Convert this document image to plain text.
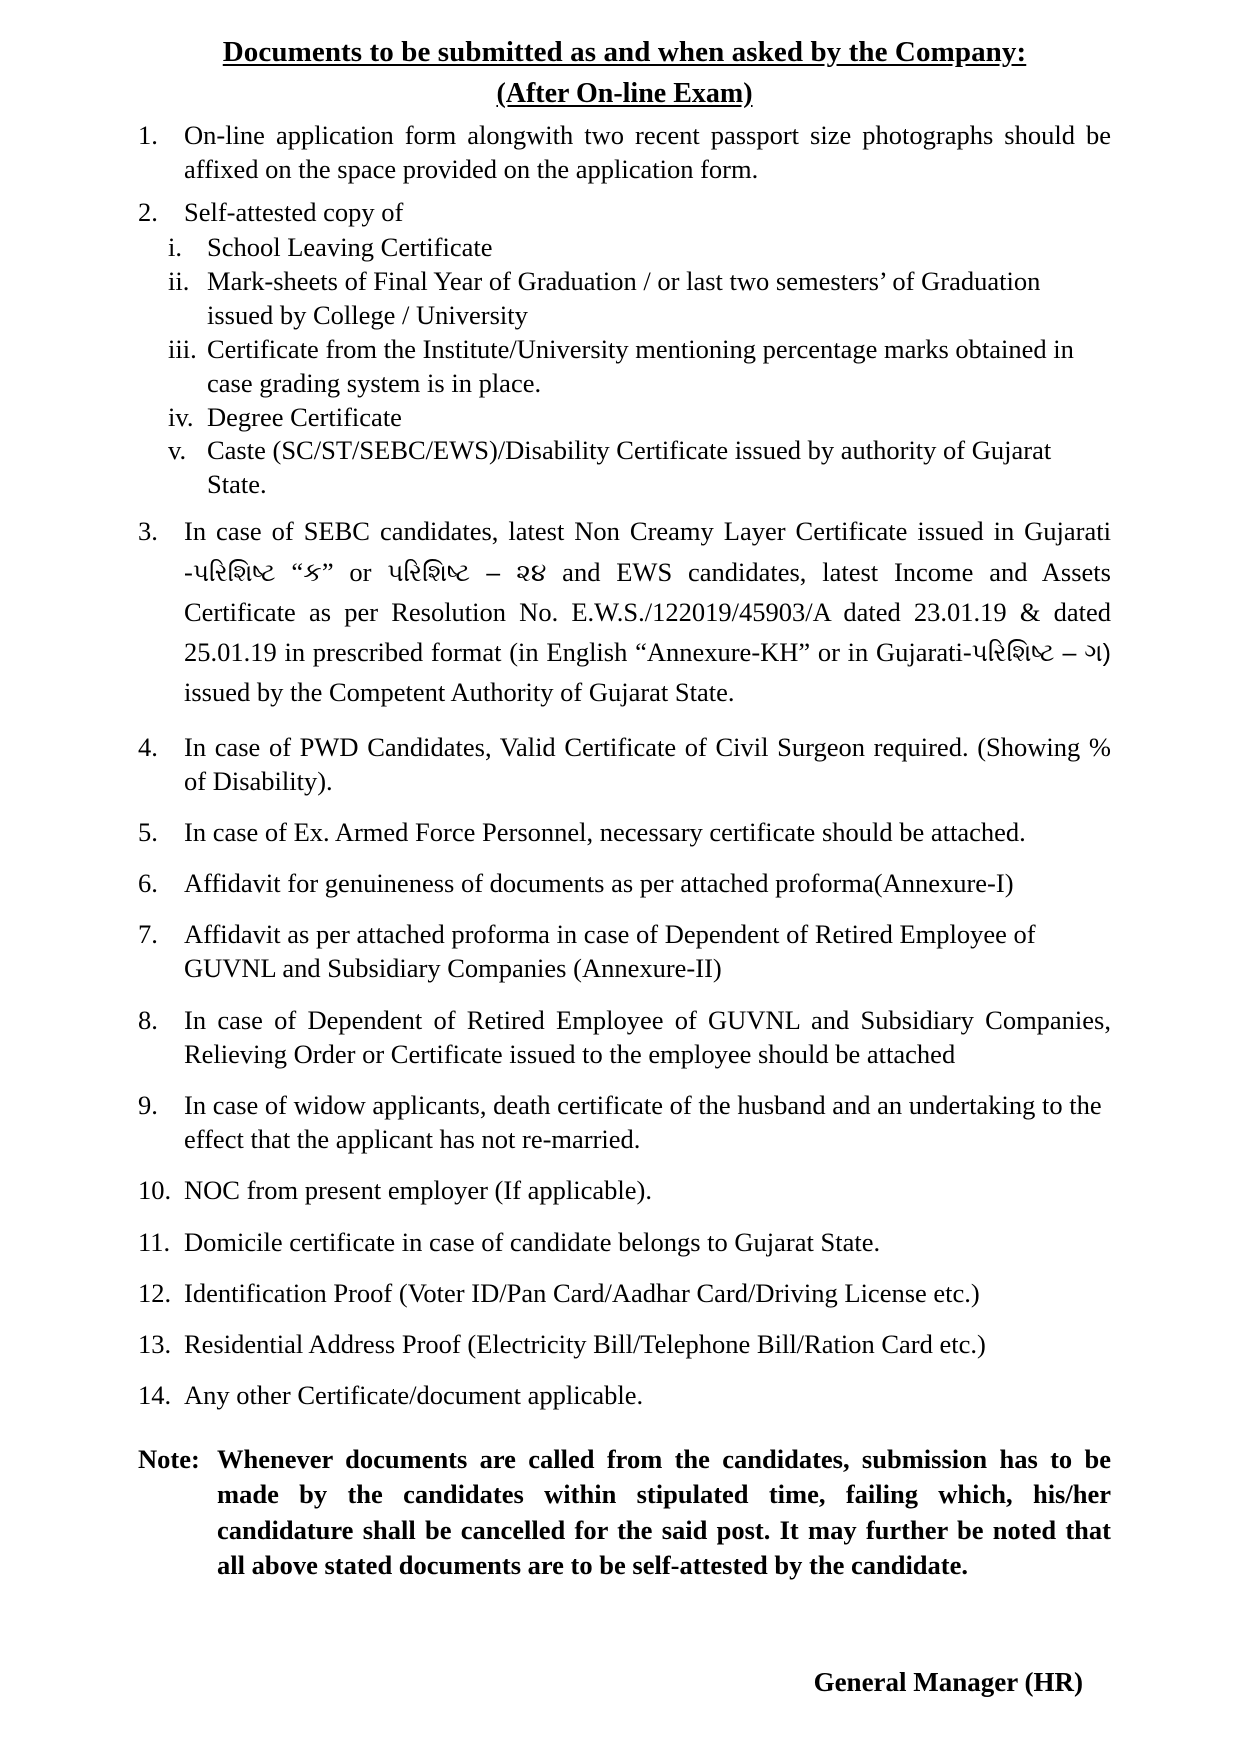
Documents to be submitted as and when asked by the Company:
(After On-line Exam)
1. On-line application form alongwith two recent passport size photographs should be affixed on the space provided on the application form.
2. Self-attested copy of
i. School Leaving Certificate
ii. Mark-sheets of Final Year of Graduation / or last two semesters’ of Graduation issued by College / University
iii. Certificate from the Institute/University mentioning percentage marks obtained in case grading system is in place.
iv. Degree Certificate
v. Caste (SC/ST/SEBC/EWS)/Disability Certificate issued by authority of Gujarat State.
3. In case of SEBC candidates, latest Non Creamy Layer Certificate issued in Gujarati -પરિશિષ્ટ “ક” or પરિશિષ્ટ – ૨૪ and EWS candidates, latest Income and Assets Certificate as per Resolution No. E.W.S./122019/45903/A dated 23.01.19 & dated 25.01.19 in prescribed format (in English “Annexure-KH” or in Gujarati-પરિશિષ્ટ – ગ) issued by the Competent Authority of Gujarat State.
4. In case of PWD Candidates, Valid Certificate of Civil Surgeon required. (Showing % of Disability).
5. In case of Ex. Armed Force Personnel, necessary certificate should be attached.
6. Affidavit for genuineness of documents as per attached proforma(Annexure-I)
7. Affidavit as per attached proforma in case of Dependent of Retired Employee of GUVNL and Subsidiary Companies (Annexure-II)
8. In case of Dependent of Retired Employee of GUVNL and Subsidiary Companies, Relieving Order or Certificate issued to the employee should be attached
9. In case of widow applicants, death certificate of the husband and an undertaking to the effect that the applicant has not re-married.
10. NOC from present employer (If applicable).
11. Domicile certificate in case of candidate belongs to Gujarat State.
12. Identification Proof (Voter ID/Pan Card/Aadhar Card/Driving License etc.)
13. Residential Address Proof (Electricity Bill/Telephone Bill/Ration Card etc.)
14. Any other Certificate/document applicable.
Note: Whenever documents are called from the candidates, submission has to be made by the candidates within stipulated time, failing which, his/her candidature shall be cancelled for the said post. It may further be noted that all above stated documents are to be self-attested by the candidate.
General Manager (HR)
